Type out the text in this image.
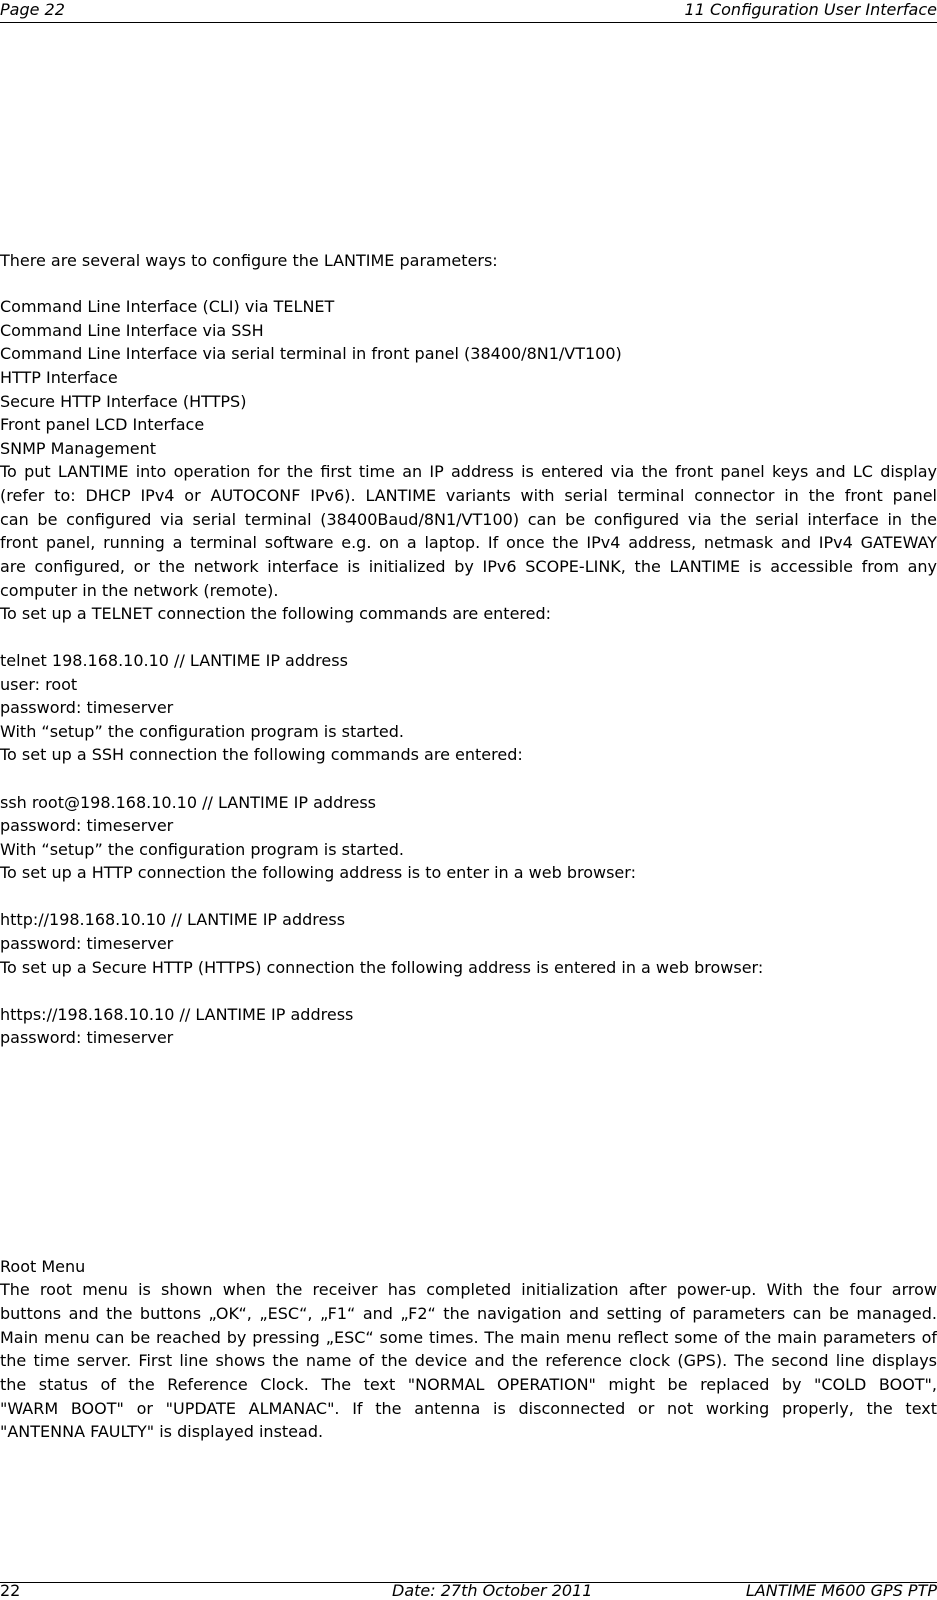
Page 22	11 Configuration User Interface
There are several ways to configure the LANTIME parameters:
Command Line Interface (CLI) via TELNET
Command Line Interface via SSH
Command Line Interface via serial terminal in front panel (38400/8N1/VT100)
HTTP Interface
Secure HTTP Interface (HTTPS)
Front panel LCD Interface
SNMP Management
To put LANTIME into operation for the first time an IP address is entered via the front panel keys and LC display
(refer to: DHCP IPv4 or AUTOCONF IPv6). LANTIME variants with serial terminal connector in the front panel
can be configured via serial terminal (38400Baud/8N1/VT100) can be configured via the serial interface in the
front panel, running a terminal software e.g. on a laptop. If once the IPv4 address, netmask and IPv4 GATEWAY
are configured, or the network interface is initialized by IPv6 SCOPE-LINK, the LANTIME is accessible from any
computer in the network (remote).
To set up a TELNET connection the following commands are entered:
telnet 198.168.10.10 // LANTIME IP address
user: root
password: timeserver
With “setup” the configuration program is started.
To set up a SSH connection the following commands are entered:
ssh root@198.168.10.10 // LANTIME IP address
password: timeserver
With “setup” the configuration program is started.
To set up a HTTP connection the following address is to enter in a web browser:
http://198.168.10.10 // LANTIME IP address
password: timeserver
To set up a Secure HTTP (HTTPS) connection the following address is entered in a web browser:
https://198.168.10.10 // LANTIME IP address
password: timeserver
Root Menu
The root menu is shown when the receiver has completed initialization after power-up. With the four arrow
buttons and the buttons „OK“, „ESC“, „F1“ and „F2“ the navigation and setting of parameters can be managed.
Main menu can be reached by pressing „ESC“ some times. The main menu reflect some of the main parameters of
the time server. First line shows the name of the device and the reference clock (GPS). The second line displays
the status of the Reference Clock. The text "NORMAL OPERATION" might be replaced by "COLD BOOT",
"WARM BOOT" or "UPDATE ALMANAC". If the antenna is disconnected or not working properly, the text
"ANTENNA FAULTY" is displayed instead.
22	Date: 27th October 2011	LANTIME M600 GPS PTP
